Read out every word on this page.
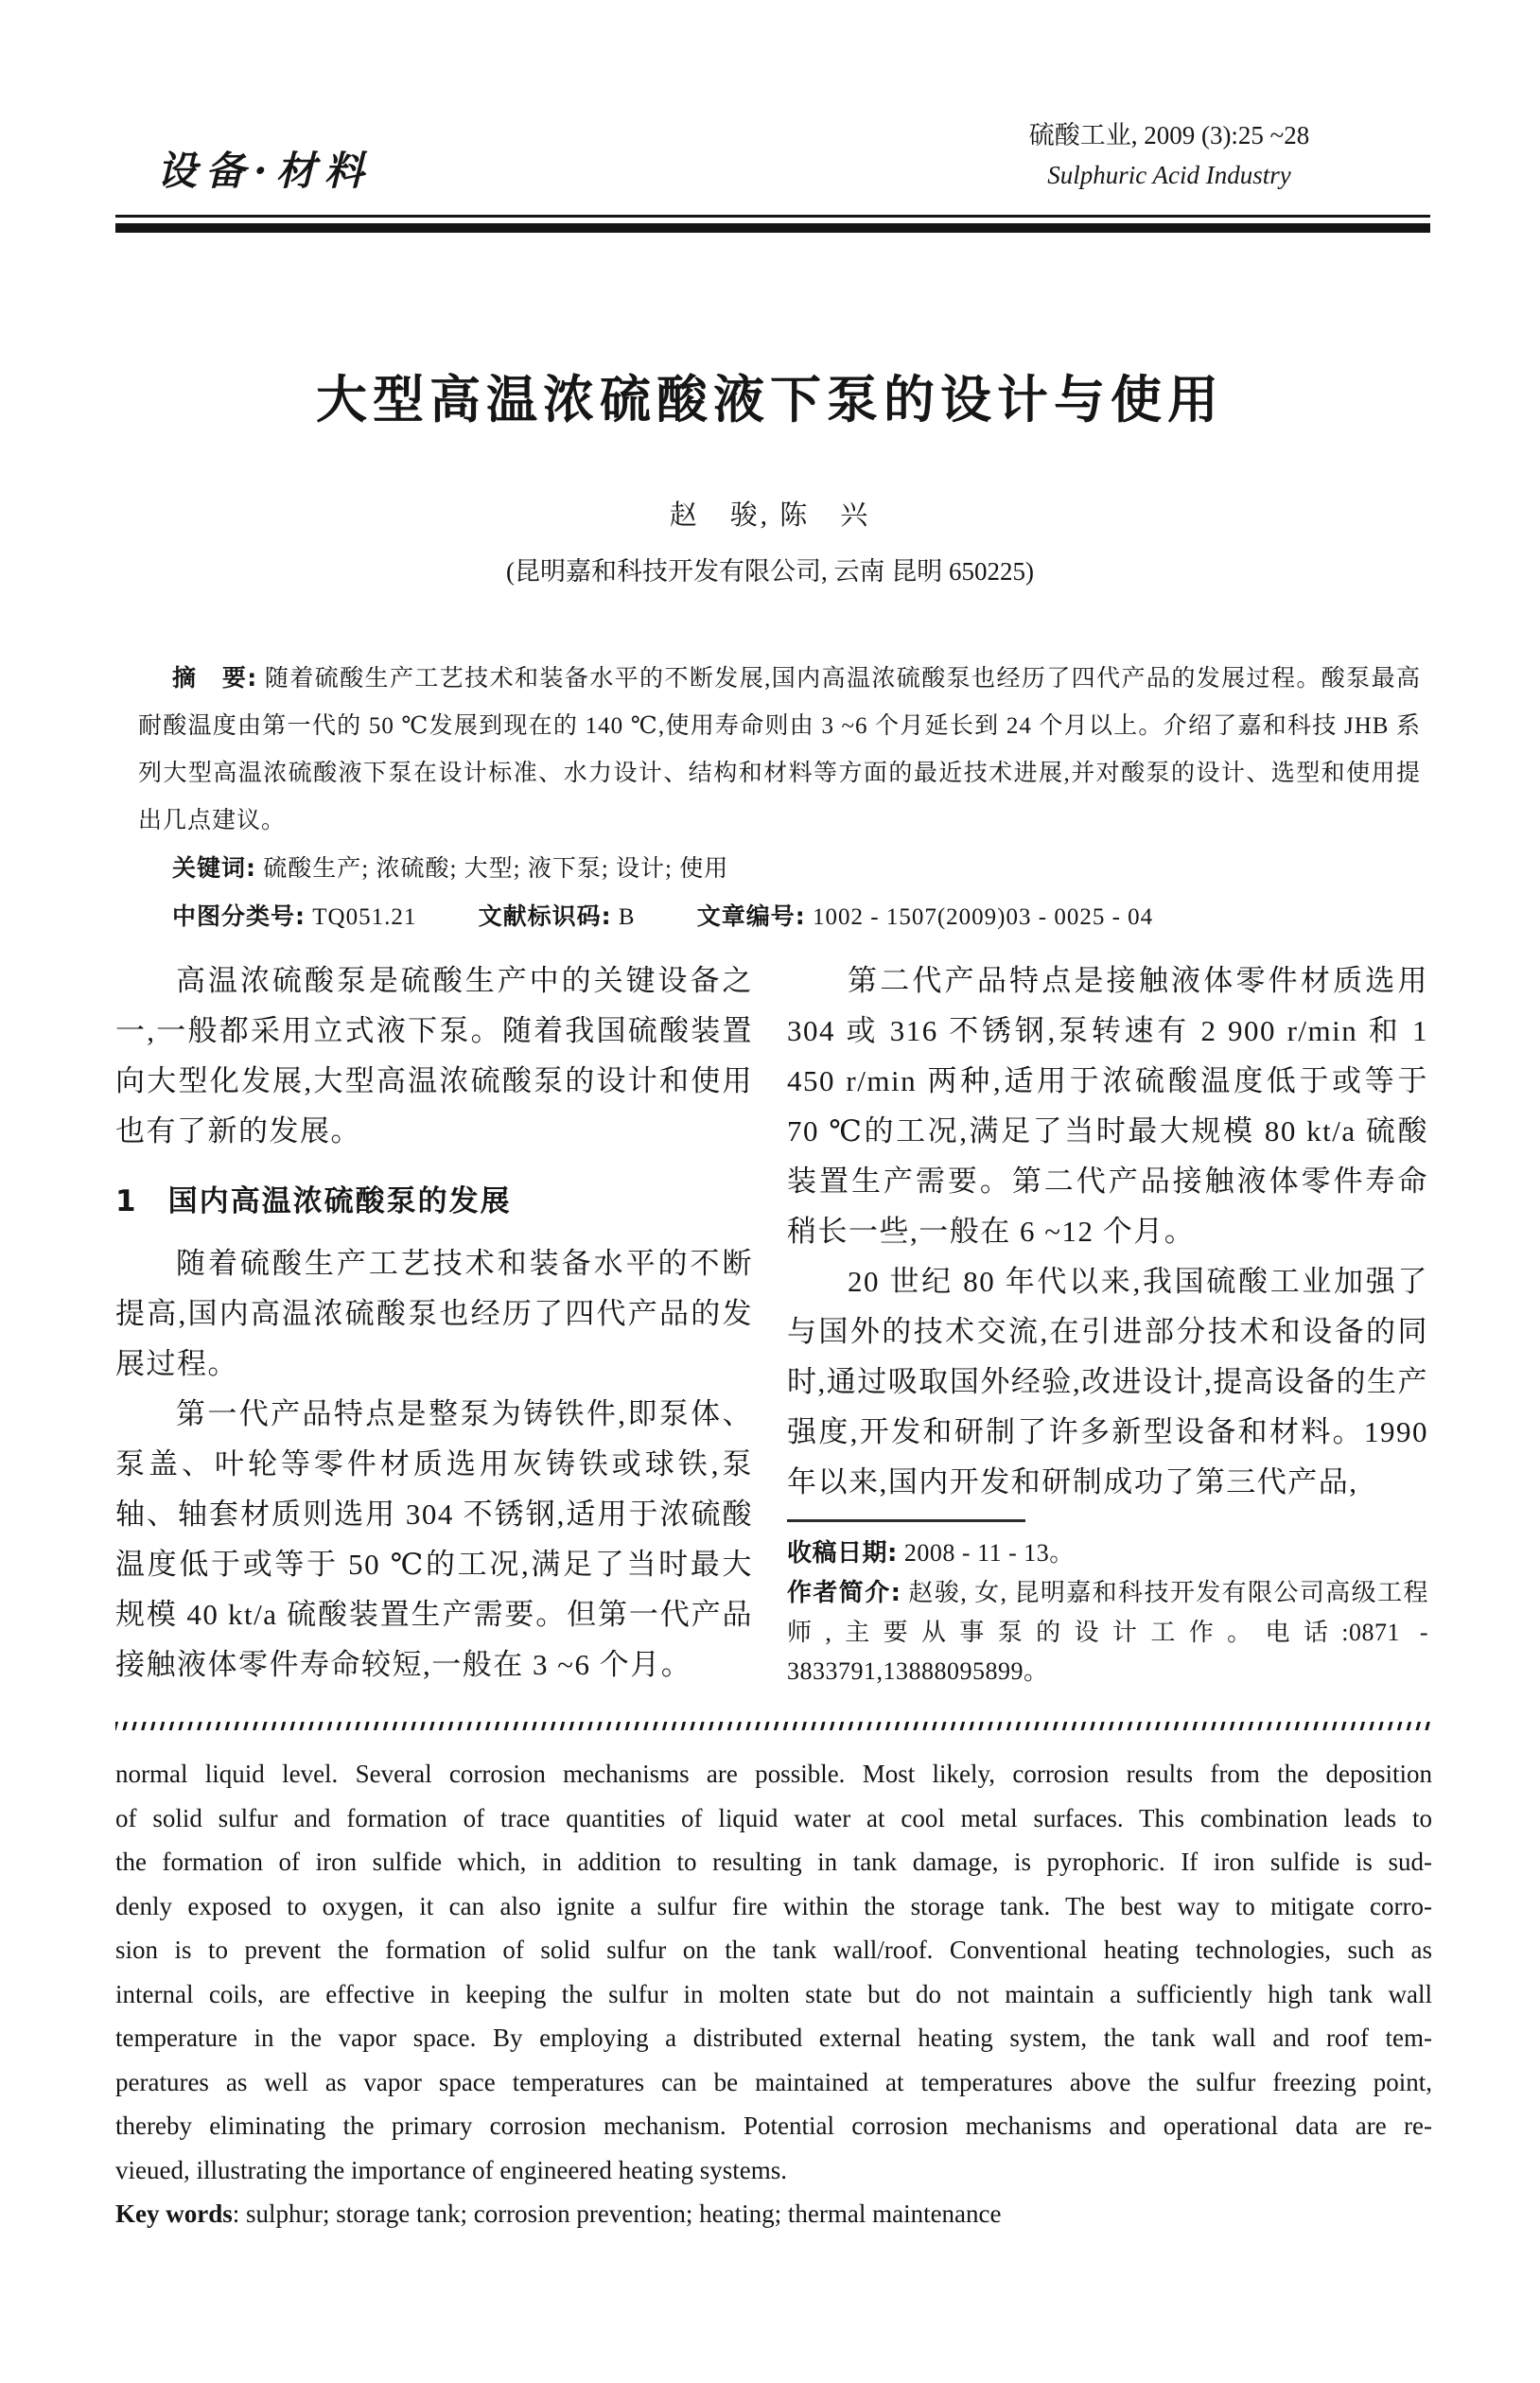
设备·材料
硫酸工业, 2009 (3):25 ~28
Sulphuric Acid Industry
大型高温浓硫酸液下泵的设计与使用
赵　骏, 陈　兴
(昆明嘉和科技开发有限公司, 云南 昆明 650225)

摘　要: 随着硫酸生产工艺技术和装备水平的不断发展,国内高温浓硫酸泵也经历了四代产品的发展过程。酸泵最高耐酸温度由第一代的 50 ℃发展到现在的 140 ℃,使用寿命则由 3 ~6 个月延长到 24 个月以上。介绍了嘉和科技 JHB 系列大型高温浓硫酸液下泵在设计标准、水力设计、结构和材料等方面的最近技术进展,并对酸泵的设计、选型和使用提出几点建议。

关键词: 硫酸生产; 浓硫酸; 大型; 液下泵; 设计; 使用

中图分类号: TQ051.21	文献标识码: B	文章编号: 1002 - 1507(2009)03 - 0025 - 04

高温浓硫酸泵是硫酸生产中的关键设备之一,一般都采用立式液下泵。随着我国硫酸装置向大型化发展,大型高温浓硫酸泵的设计和使用也有了新的发展。

1 国内高温浓硫酸泵的发展

随着硫酸生产工艺技术和装备水平的不断提高,国内高温浓硫酸泵也经历了四代产品的发展过程。

第一代产品特点是整泵为铸铁件,即泵体、泵盖、叶轮等零件材质选用灰铸铁或球铁,泵轴、轴套材质则选用 304 不锈钢,适用于浓硫酸温度低于或等于 50 ℃的工况,满足了当时最大规模 40 kt/a 硫酸装置生产需要。但第一代产品接触液体零件寿命较短,一般在 3 ~6 个月。

第二代产品特点是接触液体零件材质选用 304 或 316 不锈钢,泵转速有 2 900 r/min 和 1 450 r/min 两种,适用于浓硫酸温度低于或等于 70 ℃的工况,满足了当时最大规模 80 kt/a 硫酸装置生产需要。第二代产品接触液体零件寿命稍长一些,一般在 6 ~12 个月。

20 世纪 80 年代以来,我国硫酸工业加强了与国外的技术交流,在引进部分技术和设备的同时,通过吸取国外经验,改进设计,提高设备的生产强度,开发和研制了许多新型设备和材料。1990 年以来,国内开发和研制成功了第三代产品,

收稿日期: 2008 - 11 - 13。

作者简介: 赵骏, 女, 昆明嘉和科技开发有限公司高级工程师,主要从事泵的设计工作。电话:0871 - 3833791,13888095899。

normal liquid level. Several corrosion mechanisms are possible. Most likely, corrosion results from the deposition
of solid sulfur and formation of trace quantities of liquid water at cool metal surfaces. This combination leads to
the formation of iron sulfide which, in addition to resulting in tank damage, is pyrophoric. If iron sulfide is sud-
denly exposed to oxygen, it can also ignite a sulfur fire within the storage tank. The best way to mitigate corro-
sion is to prevent the formation of solid sulfur on the tank wall/roof. Conventional heating technologies, such as
internal coils, are effective in keeping the sulfur in molten state but do not maintain a sufficiently high tank wall
temperature in the vapor space. By employing a distributed external heating system, the tank wall and roof tem-
peratures as well as vapor space temperatures can be maintained at temperatures above the sulfur freezing point,
thereby eliminating the primary corrosion mechanism. Potential corrosion mechanisms and operational data are re-
vieued, illustrating the importance of engineered heating systems.
Key words: sulphur; storage tank; corrosion prevention; heating; thermal maintenance
